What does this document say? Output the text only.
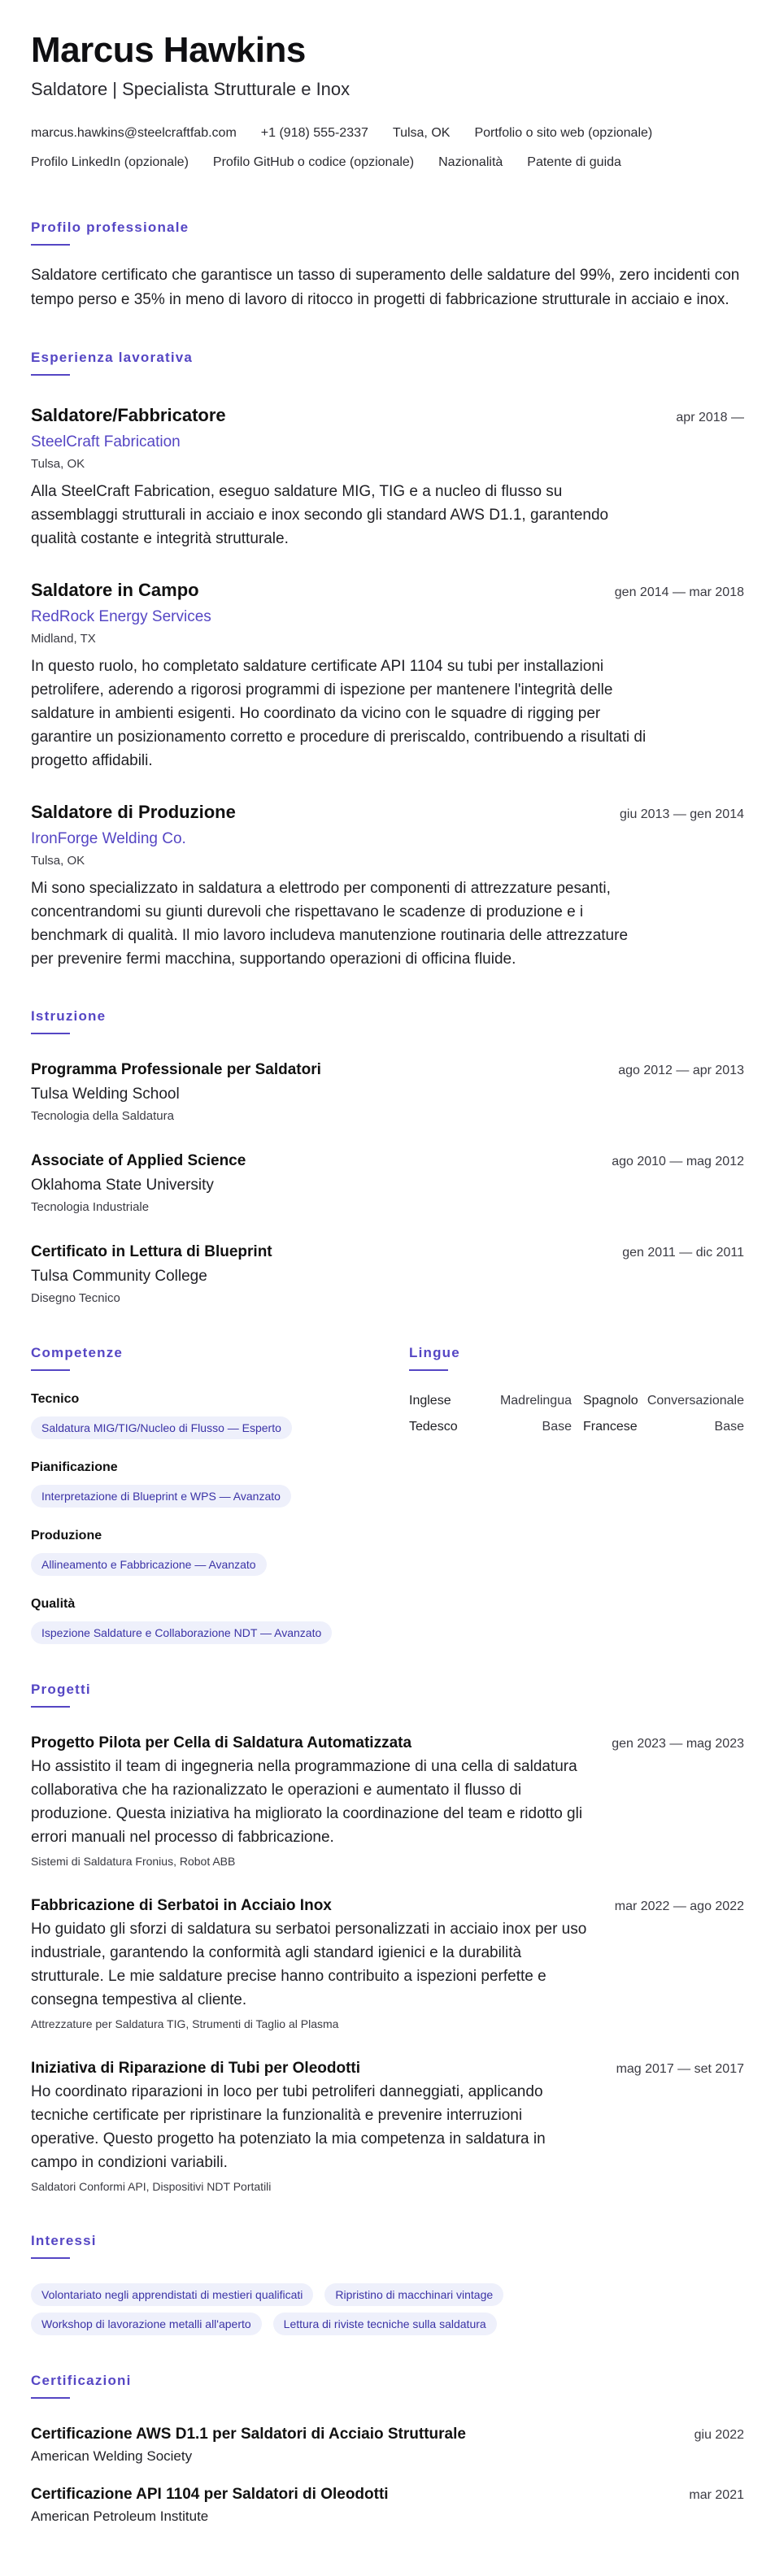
Marcus Hawkins
Saldatore | Specialista Strutturale e Inox
marcus.hawkins@steelcraftfab.com +1 (918) 555-2337 Tulsa, OK Portfolio o sito web (opzionale)
Profilo LinkedIn (opzionale) Profilo GitHub o codice (opzionale) Nazionalità Patente di guida
Profilo professionale

Saldatore certificato che garantisce un tasso di superamento delle saldature del 99%, zero incidenti con tempo perso e 35% in meno di lavoro di ritocco in progetti di fabbricazione strutturale in acciaio e inox.

Esperienza lavorativa
Saldatore/Fabbricatore	apr 2018 —
SteelCraft Fabrication
Tulsa, OK

Alla SteelCraft Fabrication, eseguo saldature MIG, TIG e a nucleo di flusso su assemblaggi strutturali in acciaio e inox secondo gli standard AWS D1.1, garantendo qualità costante e integrità strutturale.

Saldatore in Campo	gen 2014 — mar 2018
RedRock Energy Services
Midland, TX

In questo ruolo, ho completato saldature certificate API 1104 su tubi per installazioni petrolifere, aderendo a rigorosi programmi di ispezione per mantenere l'integrità delle saldature in ambienti esigenti. Ho coordinato da vicino con le squadre di rigging per garantire un posizionamento corretto e procedure di preriscaldo, contribuendo a risultati di progetto affidabili.

Saldatore di Produzione	giu 2013 — gen 2014
IronForge Welding Co.
Tulsa, OK

Mi sono specializzato in saldatura a elettrodo per componenti di attrezzature pesanti, concentrandomi su giunti durevoli che rispettavano le scadenze di produzione e i benchmark di qualità. Il mio lavoro includeva manutenzione routinaria delle attrezzature per prevenire fermi macchina, supportando operazioni di officina fluide.

Istruzione
Programma Professionale per Saldatori	ago 2012 — apr 2013
Tulsa Welding School
Tecnologia della Saldatura
Associate of Applied Science	ago 2010 — mag 2012
Oklahoma State University
Tecnologia Industriale
Certificato in Lettura di Blueprint	gen 2011 — dic 2011
Tulsa Community College
Disegno Tecnico
Competenze
Tecnico
Saldatura MIG/TIG/Nucleo di Flusso — Esperto
Pianificazione
Interpretazione di Blueprint e WPS — Avanzato
Produzione
Allineamento e Fabbricazione — Avanzato
Qualità
Ispezione Saldature e Collaborazione NDT — Avanzato
Lingue
Inglese	Madrelingua Spagnolo Conversazionale
Tedesco	Base Francese	Base
Progetti
Progetto Pilota per Cella di Saldatura Automatizzata	gen 2023 — mag 2023

Ho assistito il team di ingegneria nella programmazione di una cella di saldatura collaborativa che ha razionalizzato le operazioni e aumentato il flusso di produzione. Questa iniziativa ha migliorato la coordinazione del team e ridotto gli errori manuali nel processo di fabbricazione.

Sistemi di Saldatura Fronius, Robot ABB
Fabbricazione di Serbatoi in Acciaio Inox	mar 2022 — ago 2022

Ho guidato gli sforzi di saldatura su serbatoi personalizzati in acciaio inox per uso industriale, garantendo la conformità agli standard igienici e la durabilità strutturale. Le mie saldature precise hanno contribuito a ispezioni perfette e consegna tempestiva al cliente.

Attrezzature per Saldatura TIG, Strumenti di Taglio al Plasma
Iniziativa di Riparazione di Tubi per Oleodotti	mag 2017 — set 2017

Ho coordinato riparazioni in loco per tubi petroliferi danneggiati, applicando tecniche certificate per ripristinare la funzionalità e prevenire interruzioni operative. Questo progetto ha potenziato la mia competenza in saldatura in campo in condizioni variabili.

Saldatori Conformi API, Dispositivi NDT Portatili
Interessi
Volontariato negli apprendistati di mestieri qualificati	Ripristino di macchinari vintage
Workshop di lavorazione metalli all'aperto	Lettura di riviste tecniche sulla saldatura
Certificazioni
Certificazione AWS D1.1 per Saldatori di Acciaio Strutturale	giu 2022
American Welding Society
Certificazione API 1104 per Saldatori di Oleodotti	mar 2021
American Petroleum Institute
